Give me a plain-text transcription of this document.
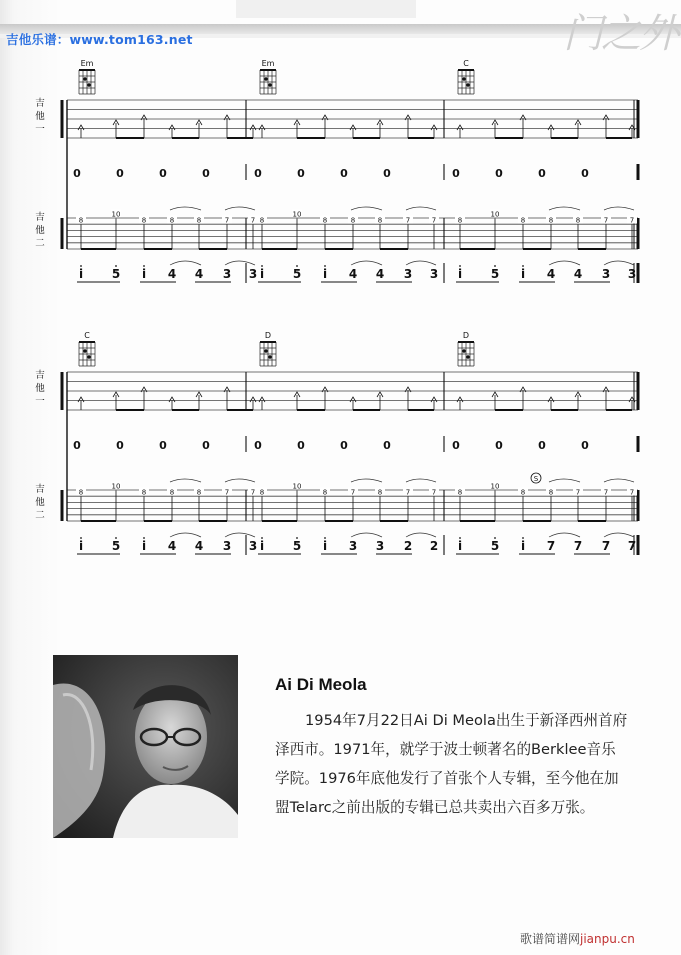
门之外
吉他乐谱：www.tom163.net
吉
他
一
吉
他
二
Em
0	0	0	0
8
10
8	8	8	7	7
i 5 i 4 4 3 3
Em
0	0	0	0
8
10
8	8	8	7	7
i 5 i 4 4 3 3
C
0	0	0	0
8
10
8	8	8	7	7
i 5 i 4 4 3 3
吉
他
一
吉
他
二
C
0	0	0	0
8
10
8	8	8	7	7
i 5 i 4 4 3 3
D
0	0	0	0
8
10
8	7	8	7	7
i 5 i 3 3 2 2
D
0	0	0	0
8
10
8	8	7	7	7
i 5 i 7 7 7 7
S
Ai Di Meola
1954年7月22日Ai Di Meola出生于新泽西州首府泽西市。1971年，就学于波士顿著名的Berklee音乐学院。1976年底他发行了首张个人专辑，至今他在加盟Telarc之前出版的专辑已总共卖出六百多万张。
歌谱简谱网jianpu.cn
